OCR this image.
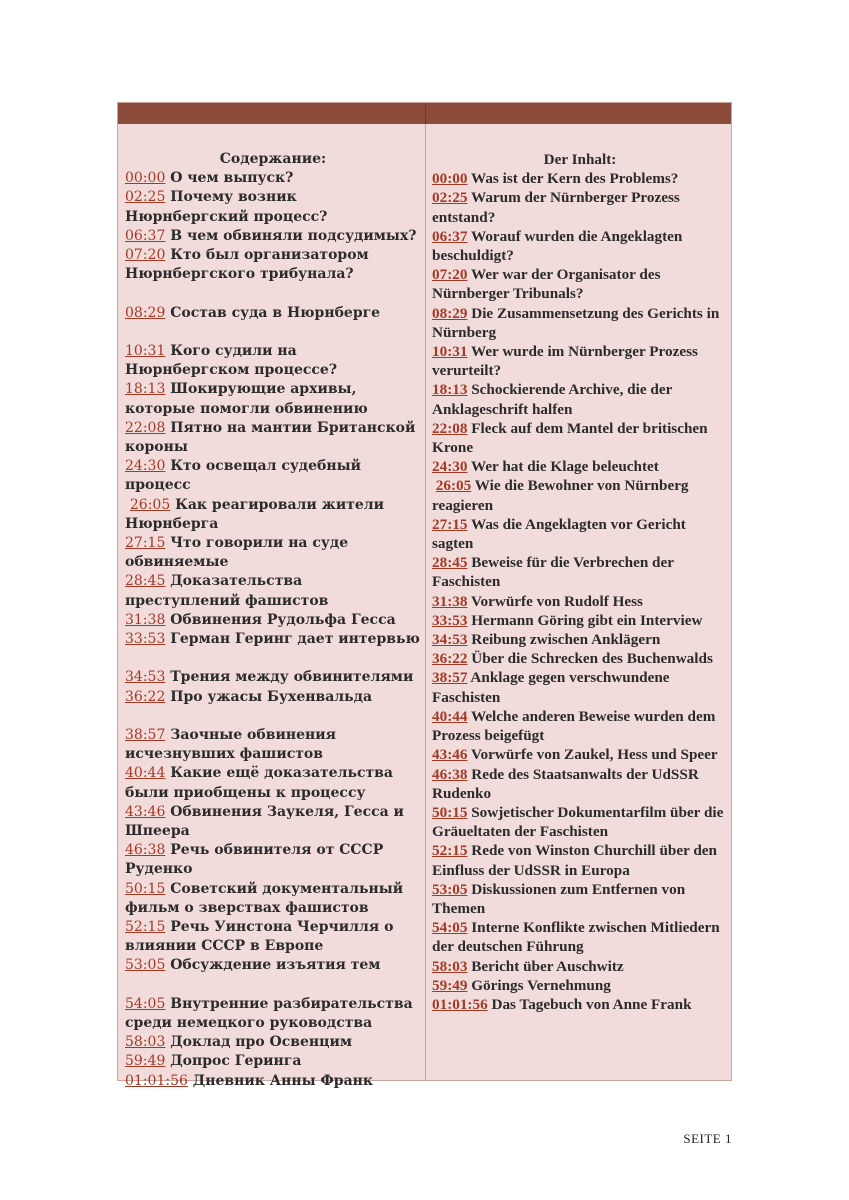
Содержание:
00:00 О чем выпуск?
02:25 Почему возник Нюрнбергский процесс?
06:37 В чем обвиняли подсудимых?
07:20 Кто был организатором Нюрнбергского трибунала?
08:29 Состав суда в Нюрнберге
10:31 Кого судили на Нюрнбергском процессе?
18:13 Шокирующие архивы, которые помогли обвинению
22:08 Пятно на мантии Британской короны
24:30 Кто освещал судебный процесс
26:05 Как реагировали жители Нюрнберга
27:15 Что говорили на суде обвиняемые
28:45 Доказательства преступлений фашистов
31:38 Обвинения Рудольфа Гесса
33:53 Герман Геринг дает интервью
34:53 Трения между обвинителями
36:22 Про ужасы Бухенвальда
38:57 Заочные обвинения исчезнувших фашистов
40:44 Какие ещё доказательства были приобщены к процессу
43:46 Обвинения Заукеля, Гесса и Шпеера
46:38 Речь обвинителя от СССР Руденко
50:15 Советский документальный фильм о зверствах фашистов
52:15 Речь Уинстона Черчилля о влиянии СССР в Европе
53:05 Обсуждение изъятия тем
54:05 Внутренние разбирательства среди немецкого руководства
58:03 Доклад про Освенцим
59:49 Допрос Геринга
01:01:56 Дневник Анны Франк
Der Inhalt:
00:00 Was ist der Kern des Problems?
02:25 Warum der Nürnberger Prozess entstand?
06:37 Worauf wurden die Angeklagten beschuldigt?
07:20 Wer war der Organisator des Nürnberger Tribunals?
08:29 Die Zusammensetzung des Gerichts in Nürnberg
10:31 Wer wurde im Nürnberger Prozess verurteilt?
18:13 Schockierende Archive, die der Anklageschrift halfen
22:08 Fleck auf dem Mantel der britischen Krone
24:30 Wer hat die Klage beleuchtet
26:05 Wie die Bewohner von Nürnberg reagieren
27:15 Was die Angeklagten vor Gericht sagten
28:45 Beweise für die Verbrechen der Faschisten
31:38 Vorwürfe von Rudolf Hess
33:53 Hermann Göring gibt ein Interview
34:53 Reibung zwischen Anklägern
36:22 Über die Schrecken des Buchenwalds
38:57 Anklage gegen verschwundene Faschisten
40:44 Welche anderen Beweise wurden dem Prozess beigefügt
43:46 Vorwürfe von Zaukel, Hess und Speer
46:38 Rede des Staatsanwalts der UdSSR Rudenko
50:15 Sowjetischer Dokumentarfilm über die Gräueltaten der Faschisten
52:15 Rede von Winston Churchill über den Einfluss der UdSSR in Europa
53:05 Diskussionen zum Entfernen von Themen
54:05 Interne Konflikte zwischen Mitliedern der deutschen Führung
58:03 Bericht über Auschwitz
59:49 Görings Vernehmung
01:01:56 Das Tagebuch von Anne Frank
SEITE 1
